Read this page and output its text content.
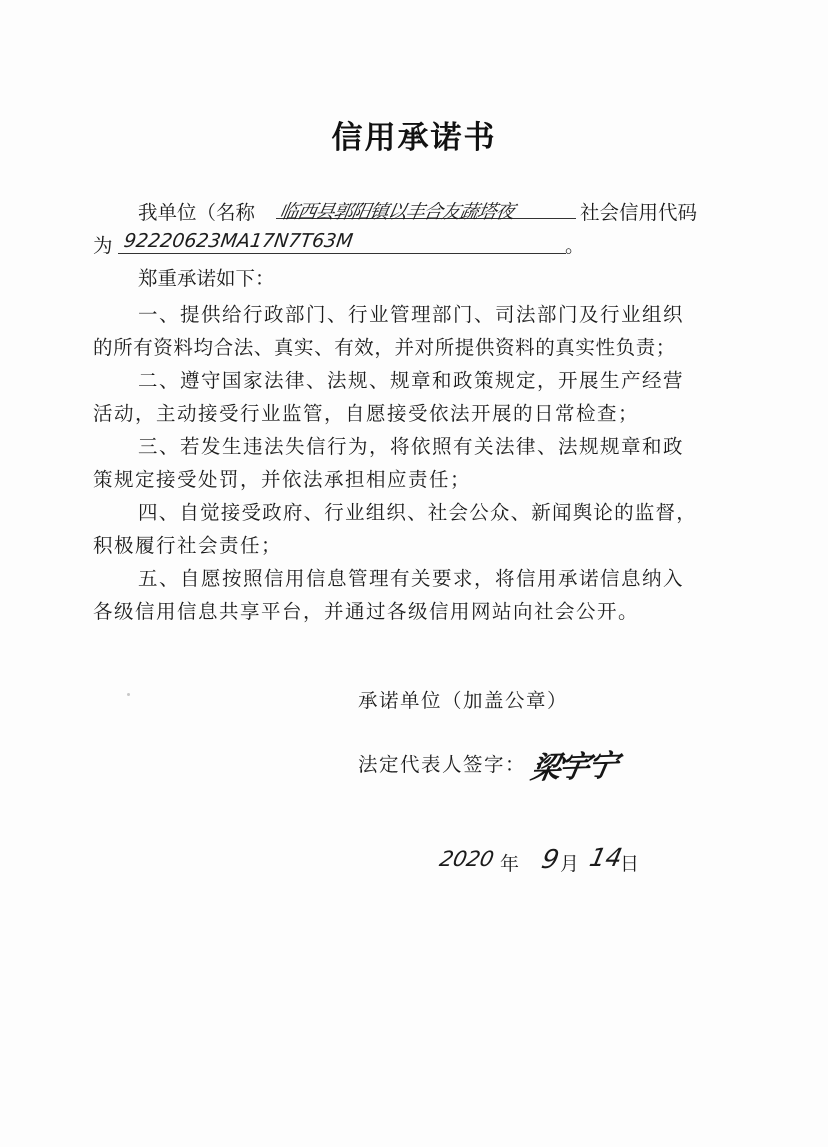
信用承诺书
我单位（名称 临西县郭阳镇以丰合友蔬塔夜	社会信用代码
为 92220623MA17N7T63M	。
郑重承诺如下：
一、提供给行政部门、行业管理部门、司法部门及行业组织
的所有资料均合法、真实、有效，并对所提供资料的真实性负责；
二、遵守国家法律、法规、规章和政策规定，开展生产经营
活动，主动接受行业监管，自愿接受依法开展的日常检查；
三、若发生违法失信行为，将依照有关法律、法规规章和政
策规定接受处罚，并依法承担相应责任；
四、自觉接受政府、行业组织、社会公众、新闻舆论的监督，
积极履行社会责任；
五、自愿按照信用信息管理有关要求，将信用承诺信息纳入
各级信用信息共享平台，并通过各级信用网站向社会公开。
承诺单位（加盖公章）
法定代表人签字： 梁宇宁
2020 年 9
月 14
日
